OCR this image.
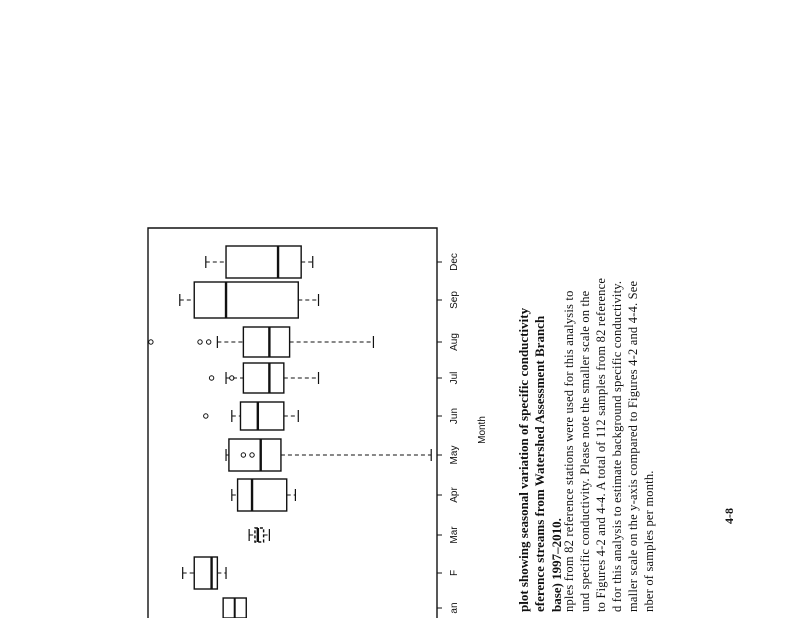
an
F
Mar
Apr
May
Jun
Jul
Aug
Sep
Dec
Month plot showing seasonal variation of specific conductivity eference streams from Watershed Assessment Branch base) 1997–2010.
nples from 82 reference stations were used for this analysis to und specific conductivity. Please note the smaller scale on the to Figures 4-2 and 4-4. A total of 112 samples from 82 reference d for this analysis to estimate background specific conductivity. maller scale on the y-axis compared to Figures 4-2 and 4-4. See nber of samples per month.	4-8
